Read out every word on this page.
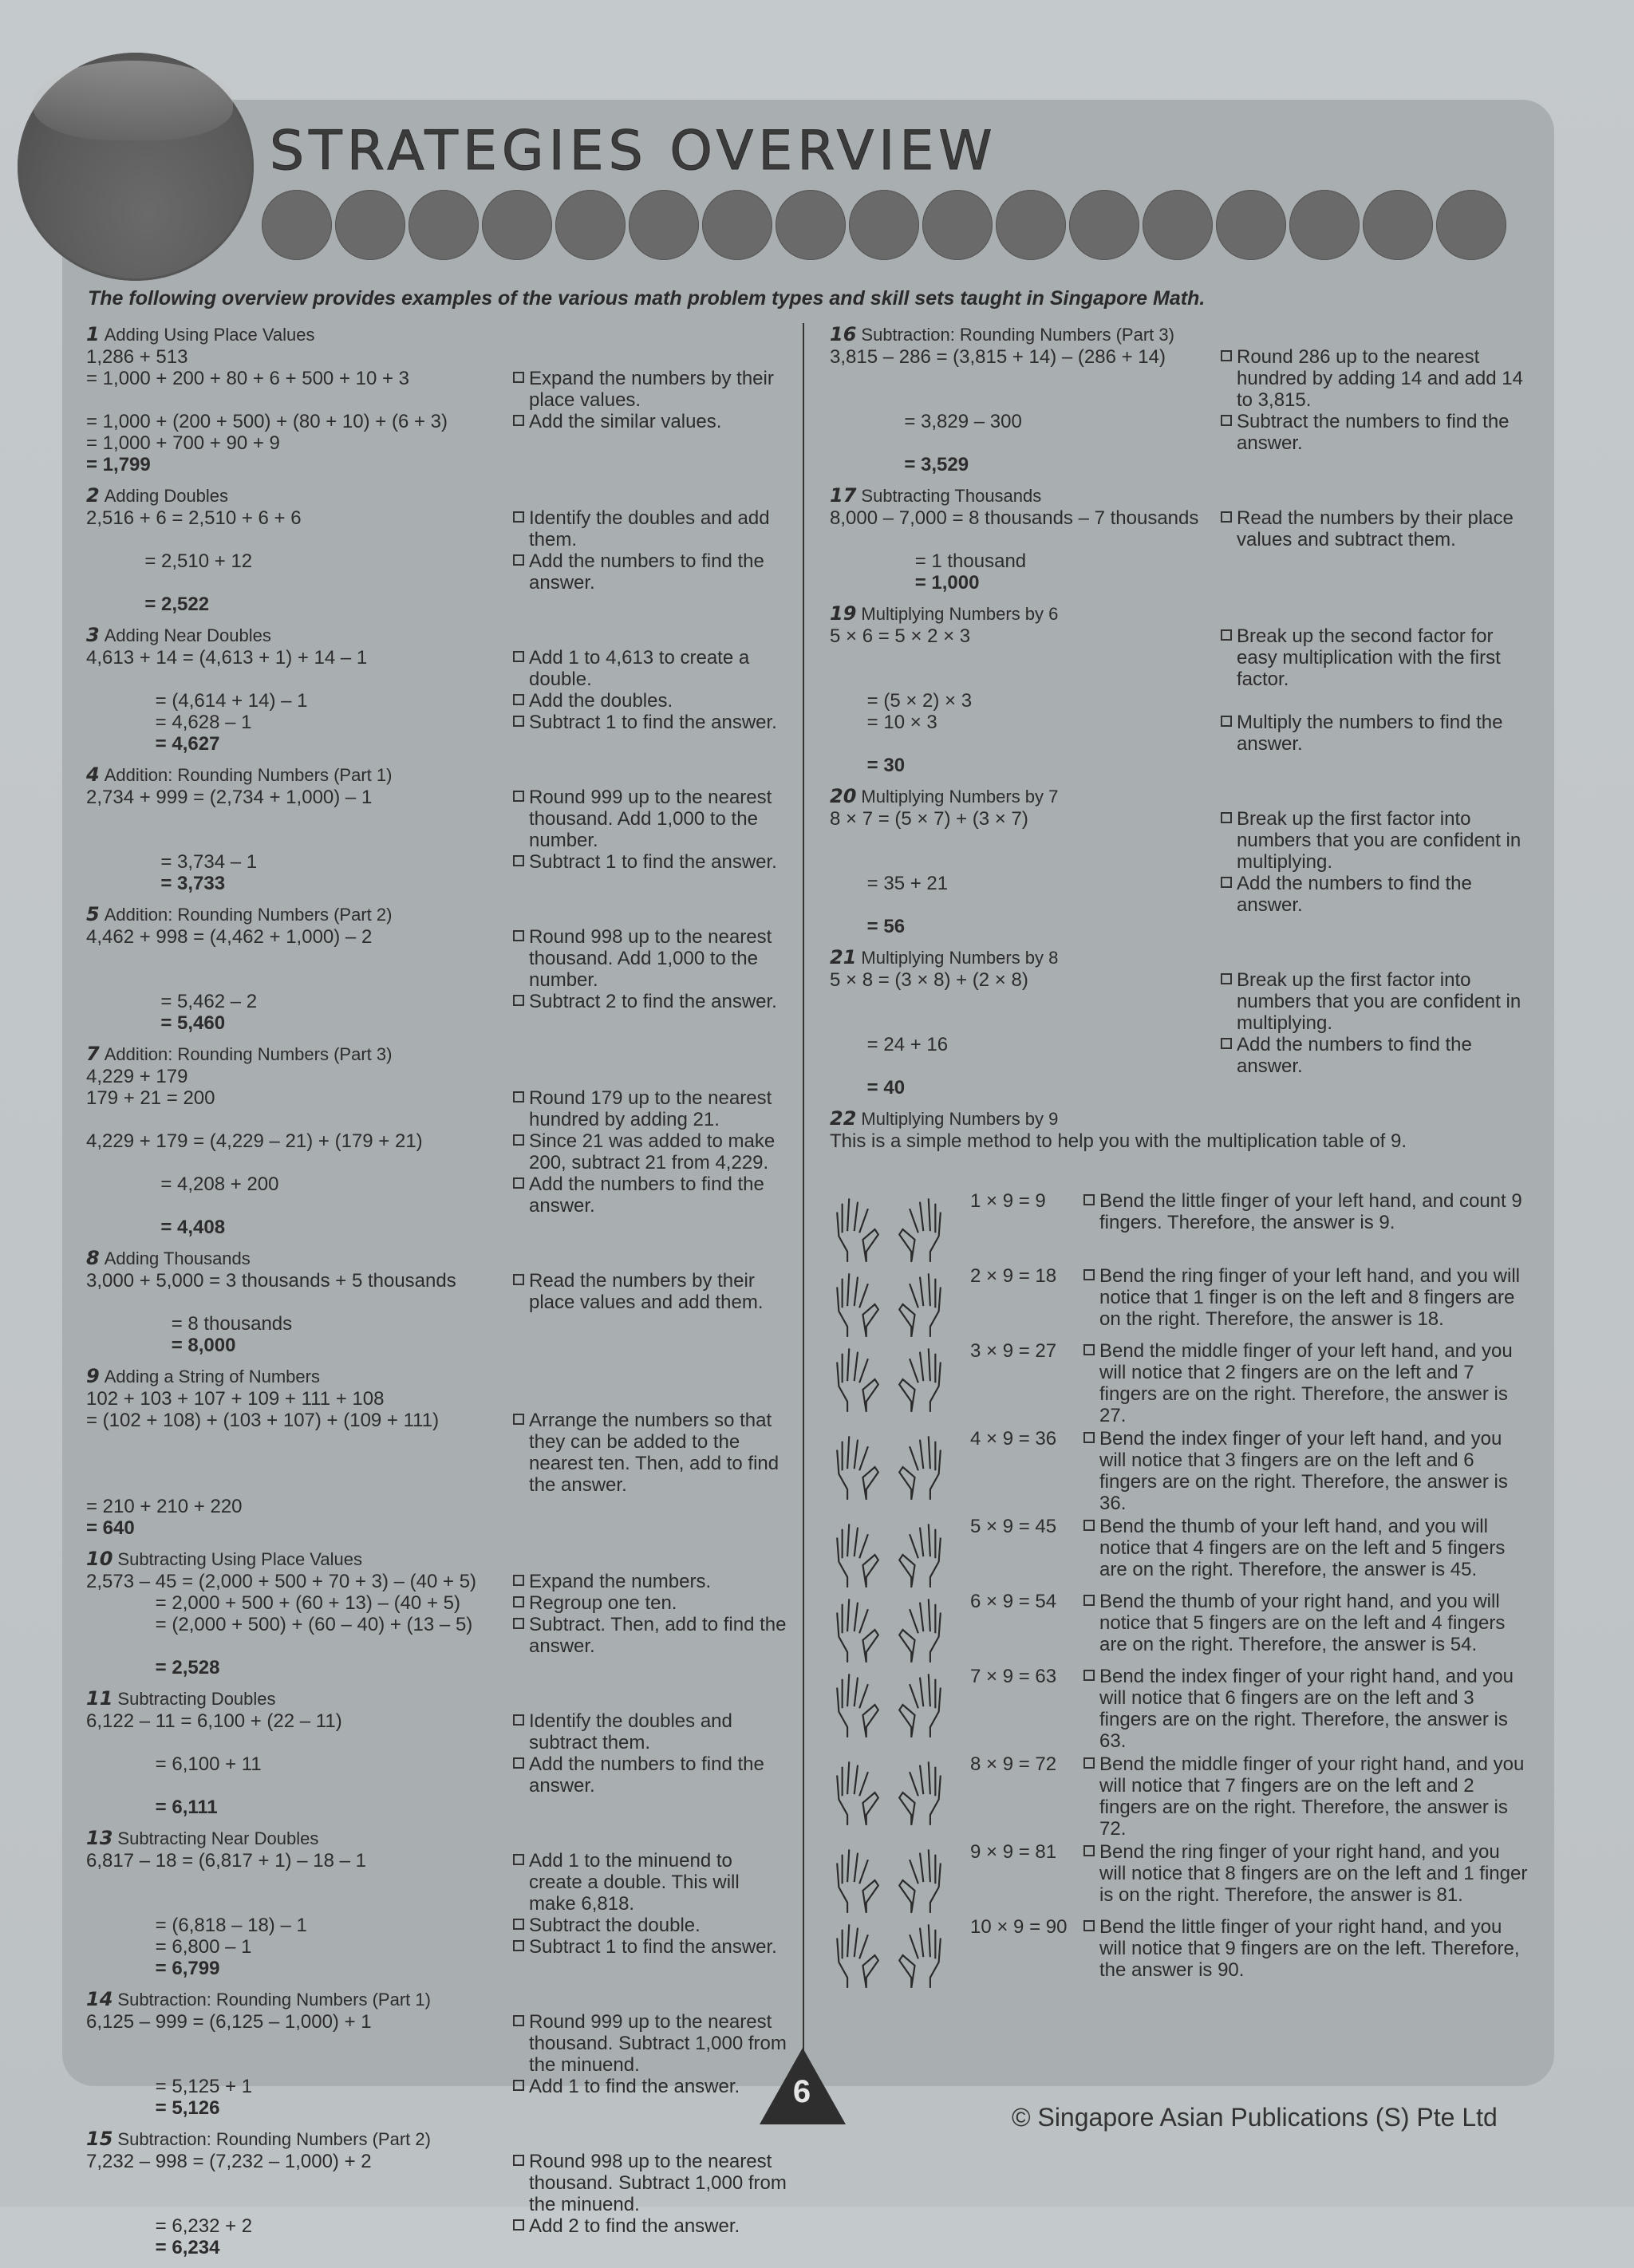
STRATEGIES OVERVIEW

The following overview provides examples of the various math problem types and skill sets taught in Singapore Math.

1 Adding Using Place Values
1,286 + 513
= 1,000 + 200 + 80 + 6 + 500 + 10 + 3	Expand the numbers by their place values.
= 1,000 + (200 + 500) + (80 + 10) + (6 + 3)	Add the similar values.
= 1,000 + 700 + 90 + 9
= 1,799
2 Adding Doubles
2,516 + 6 = 2,510 + 6 + 6	Identify the doubles and add them.
= 2,510 + 12	Add the numbers to find the answer.
= 2,522
3 Adding Near Doubles
4,613 + 14 = (4,613 + 1) + 14 – 1	Add 1 to 4,613 to create a double.
= (4,614 + 14) – 1	Add the doubles.
= 4,628 – 1	Subtract 1 to find the answer.
= 4,627
4 Addition: Rounding Numbers (Part 1)
2,734 + 999 = (2,734 + 1,000) – 1	Round 999 up to the nearest thousand. Add 1,000 to the number.
= 3,734 – 1	Subtract 1 to find the answer.
= 3,733
5 Addition: Rounding Numbers (Part 2)
4,462 + 998 = (4,462 + 1,000) – 2	Round 998 up to the nearest thousand. Add 1,000 to the number.
= 5,462 – 2	Subtract 2 to find the answer.
= 5,460
7 Addition: Rounding Numbers (Part 3)
4,229 + 179
179 + 21 = 200	Round 179 up to the nearest hundred by adding 21.
4,229 + 179 = (4,229 – 21) + (179 + 21)	Since 21 was added to make 200, subtract 21 from 4,229.
= 4,208 + 200	Add the numbers to find the answer.
= 4,408
8 Adding Thousands
3,000 + 5,000 = 3 thousands + 5 thousands	Read the numbers by their place values and add them.
= 8 thousands
= 8,000
9 Adding a String of Numbers
102 + 103 + 107 + 109 + 111 + 108
= (102 + 108) + (103 + 107) + (109 + 111)	Arrange the numbers so that they can be added to the nearest ten. Then, add to find the answer.
= 210 + 210 + 220
= 640
10 Subtracting Using Place Values
2,573 – 45 = (2,000 + 500 + 70 + 3) – (40 + 5)	Expand the numbers.
= 2,000 + 500 + (60 + 13) – (40 + 5)	Regroup one ten.
= (2,000 + 500) + (60 – 40) + (13 – 5)	Subtract. Then, add to find the answer.
= 2,528
11 Subtracting Doubles
6,122 – 11 = 6,100 + (22 – 11)	Identify the doubles and subtract them.
= 6,100 + 11	Add the numbers to find the answer.
= 6,111
13 Subtracting Near Doubles
6,817 – 18 = (6,817 + 1) – 18 – 1	Add 1 to the minuend to create a double. This will make 6,818.
= (6,818 – 18) – 1	Subtract the double.
= 6,800 – 1	Subtract 1 to find the answer.
= 6,799
14 Subtraction: Rounding Numbers (Part 1)
6,125 – 999 = (6,125 – 1,000) + 1	Round 999 up to the nearest thousand. Subtract 1,000 from the minuend.
= 5,125 + 1	Add 1 to find the answer.
= 5,126
15 Subtraction: Rounding Numbers (Part 2)
7,232 – 998 = (7,232 – 1,000) + 2	Round 998 up to the nearest thousand. Subtract 1,000 from the minuend.
= 6,232 + 2	Add 2 to find the answer.
= 6,234
16 Subtraction: Rounding Numbers (Part 3)
3,815 – 286 = (3,815 + 14) – (286 + 14)	Round 286 up to the nearest hundred by adding 14 and add 14 to 3,815.
= 3,829 – 300	Subtract the numbers to find the answer.
= 3,529
17 Subtracting Thousands
8,000 – 7,000 = 8 thousands – 7 thousands	Read the numbers by their place values and subtract them.
= 1 thousand
= 1,000
19 Multiplying Numbers by 6
5 × 6 = 5 × 2 × 3	Break up the second factor for easy multiplication with the first factor.
= (5 × 2) × 3
= 10 × 3	Multiply the numbers to find the answer.
= 30
20 Multiplying Numbers by 7
8 × 7 = (5 × 7) + (3 × 7)	Break up the first factor into numbers that you are confident in multiplying.
= 35 + 21	Add the numbers to find the answer.
= 56
21 Multiplying Numbers by 8
5 × 8 = (3 × 8) + (2 × 8)	Break up the first factor into numbers that you are confident in multiplying.
= 24 + 16	Add the numbers to find the answer.
= 40
22 Multiplying Numbers by 9
This is a simple method to help you with the multiplication table of 9.
1 × 9 = 9	Bend the little finger of your left hand, and count 9 fingers. Therefore, the answer is 9.
2 × 9 = 18	Bend the ring finger of your left hand, and you will notice that 1 finger is on the left and 8 fingers are on the right. Therefore, the answer is 18.
3 × 9 = 27	Bend the middle finger of your left hand, and you will notice that 2 fingers are on the left and 7 fingers are on the right. Therefore, the answer is 27.
4 × 9 = 36	Bend the index finger of your left hand, and you will notice that 3 fingers are on the left and 6 fingers are on the right. Therefore, the answer is 36.
5 × 9 = 45	Bend the thumb of your left hand, and you will notice that 4 fingers are on the left and 5 fingers are on the right. Therefore, the answer is 45.
6 × 9 = 54	Bend the thumb of your right hand, and you will notice that 5 fingers are on the left and 4 fingers are on the right. Therefore, the answer is 54.
7 × 9 = 63	Bend the index finger of your right hand, and you will notice that 6 fingers are on the left and 3 fingers are on the right. Therefore, the answer is 63.
8 × 9 = 72	Bend the middle finger of your right hand, and you will notice that 7 fingers are on the left and 2 fingers are on the right. Therefore, the answer is 72.
9 × 9 = 81	Bend the ring finger of your right hand, and you will notice that 8 fingers are on the left and 1 finger is on the right. Therefore, the answer is 81.
10 × 9 = 90	Bend the little finger of your right hand, and you will notice that 9 fingers are on the left. Therefore, the answer is 90.
6
© Singapore Asian Publications (S) Pte Ltd
